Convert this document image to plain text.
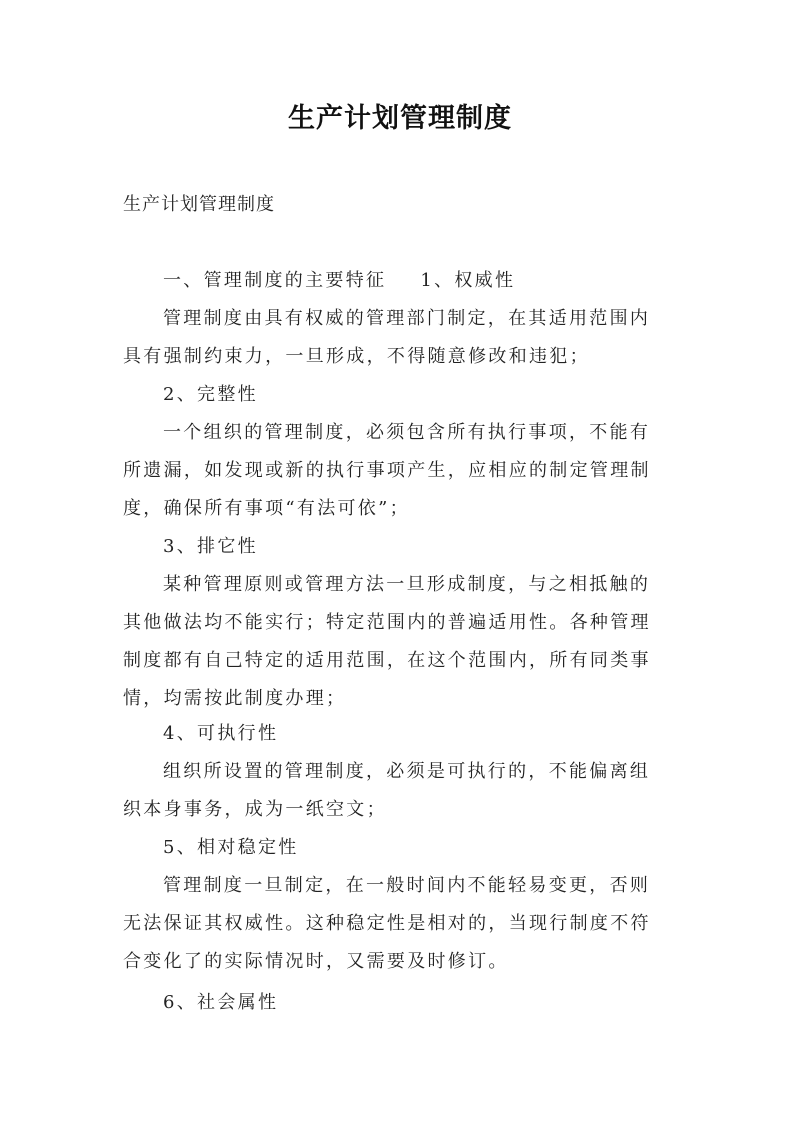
生产计划管理制度
生产计划管理制度
一、管理制度的主要特征 1、权威性
管理制度由具有权威的管理部门制定，在其适用范围内
具有强制约束力，一旦形成，不得随意修改和违犯；
2、完整性
一个组织的管理制度，必须包含所有执行事项，不能有
所遗漏，如发现或新的执行事项产生，应相应的制定管理制
度，确保所有事项“有法可依”；
3、排它性
某种管理原则或管理方法一旦形成制度，与之相抵触的
其他做法均不能实行；特定范围内的普遍适用性。各种管理
制度都有自己特定的适用范围，在这个范围内，所有同类事
情，均需按此制度办理；
4、可执行性
组织所设置的管理制度，必须是可执行的，不能偏离组
织本身事务，成为一纸空文；
5、相对稳定性
管理制度一旦制定，在一般时间内不能轻易变更，否则
无法保证其权威性。这种稳定性是相对的，当现行制度不符
合变化了的实际情况时，又需要及时修订。
6、社会属性
